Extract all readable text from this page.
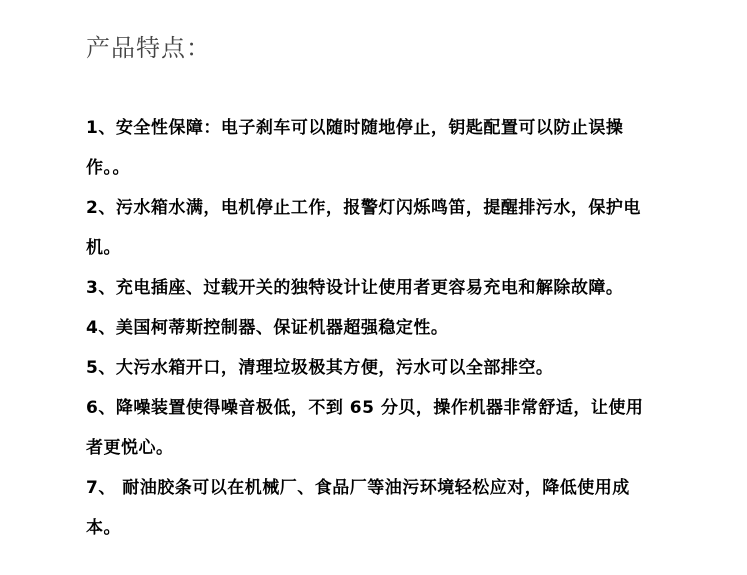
产品特点：
1、安全性保障：电子刹车可以随时随地停止，钥匙配置可以防止误操作。。
2、污水箱水满，电机停止工作，报警灯闪烁鸣笛，提醒排污水，保护电机。
3、充电插座、过载开关的独特设计让使用者更容易充电和解除故障。
4、美国柯蒂斯控制器、保证机器超强稳定性。
5、大污水箱开口，清理垃圾极其方便，污水可以全部排空。
6、降噪装置使得噪音极低，不到 65 分贝，操作机器非常舒适，让使用者更悦心。
7、 耐油胶条可以在机械厂、食品厂等油污环境轻松应对，降低使用成本。
